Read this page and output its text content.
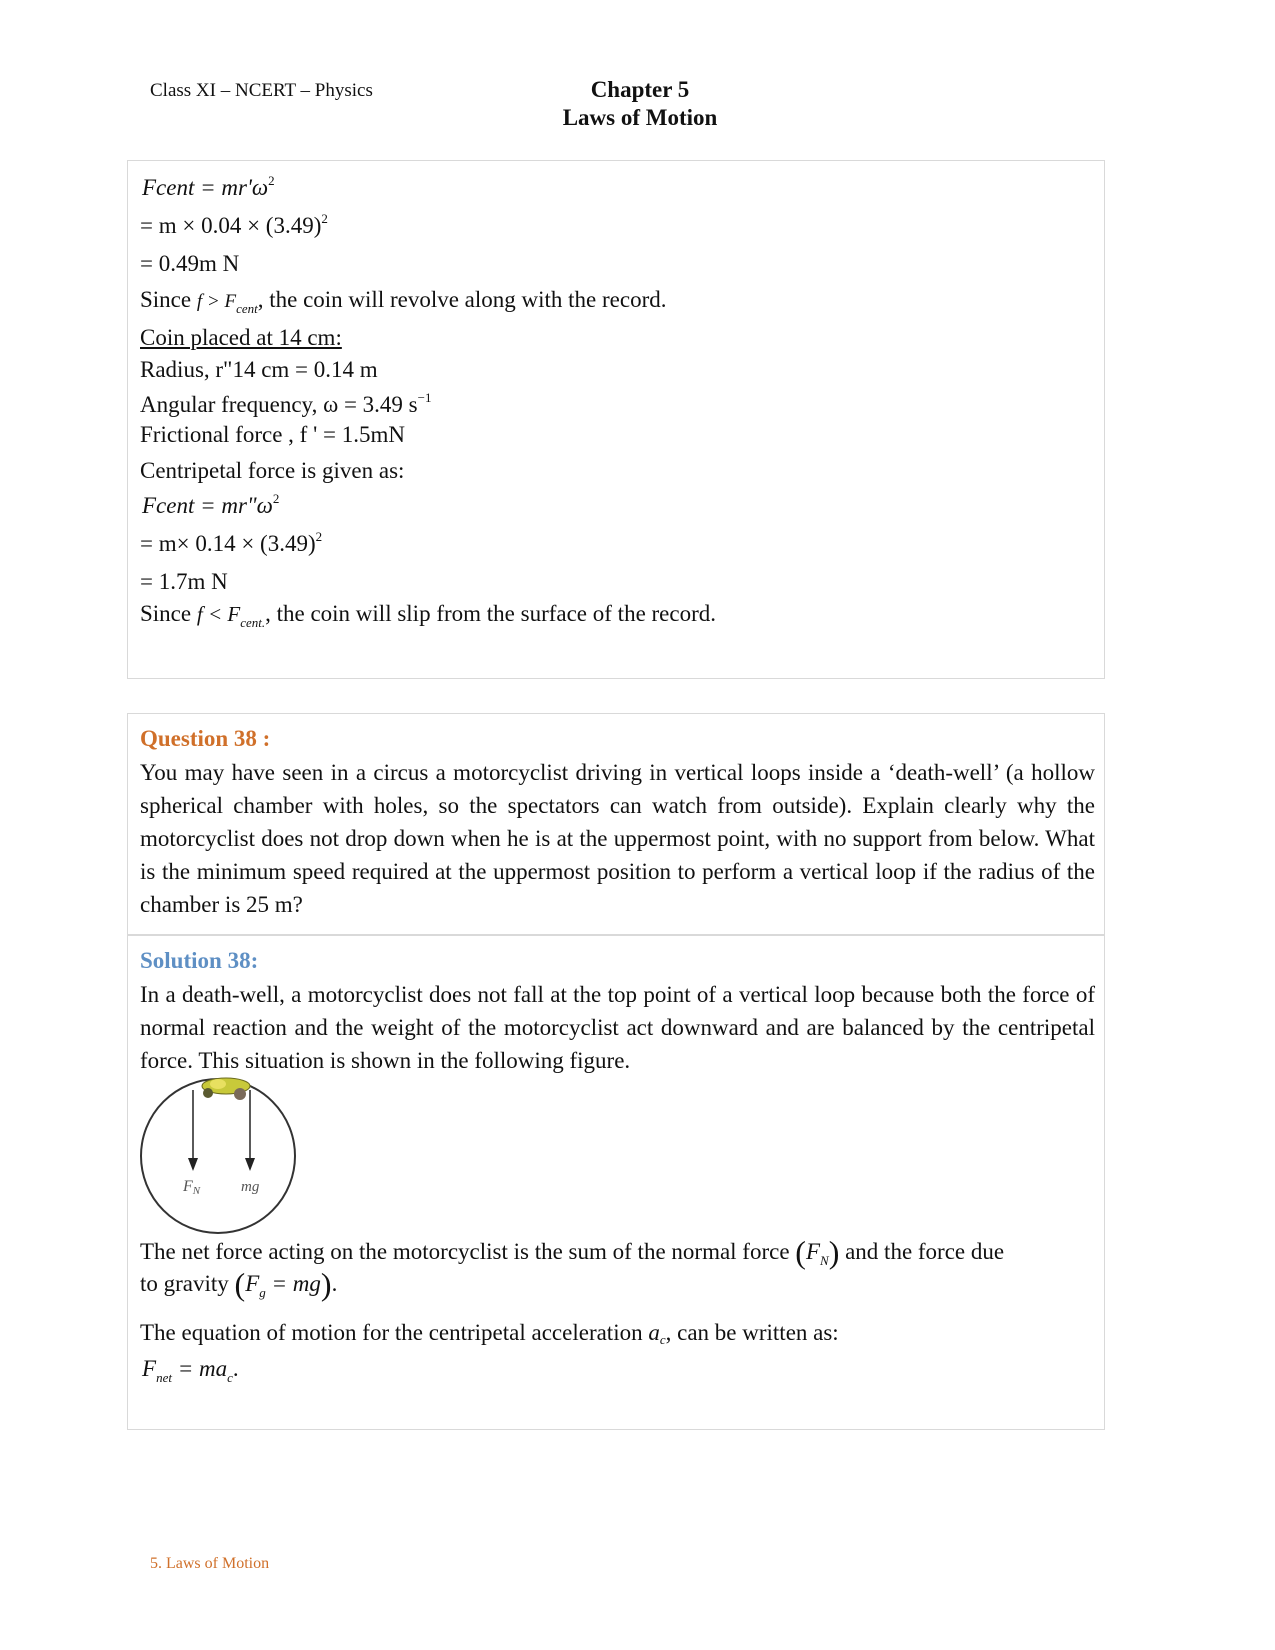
Class XI – NCERT – Physics	Chapter 5
Laws of Motion
Fcent = $mr'\omega^2$
= $m \times 0.04 \times (3.49)^2$
= 0.49m N
Since $f > F_{cent}$, the coin will revolve along with the record.
Coin placed at 14 cm:
Radius, r"14 cm = 0.14 m
Angular frequency, ω = 3.49 $s^{-1}$
Frictional force , f ' = 1.5mN
Centripetal force is given as:
Fcent = $mr"\omega^2$
= $m\times 0.14 \times (3.49)^2$
= 1.7m N
Since $f < F_{cent.}$, the coin will slip from the surface of the record.
Question 38 :
You may have seen in a circus a motorcyclist driving in vertical loops inside a ‘death-well’ (a hollow spherical chamber with holes, so the spectators can watch from outside). Explain clearly why the motorcyclist does not drop down when he is at the uppermost point, with no support from below. What is the minimum speed required at the uppermost position to perform a vertical loop if the radius of the chamber is 25 m?
Solution 38:
In a death-well, a motorcyclist does not fall at the top point of a vertical loop because both the force of normal reaction and the weight of the motorcyclist act downward and are balanced by the centripetal force. This situation is shown in the following figure.
FN	mg
The net force acting on the motorcyclist is the sum of the normal force $(F_N)$ and the force due
to gravity $(F_g = mg)$.
The equation of motion for the centripetal acceleration $a_c$, can be written as:
$F_{net} = ma_c$.
5. Laws of Motion
